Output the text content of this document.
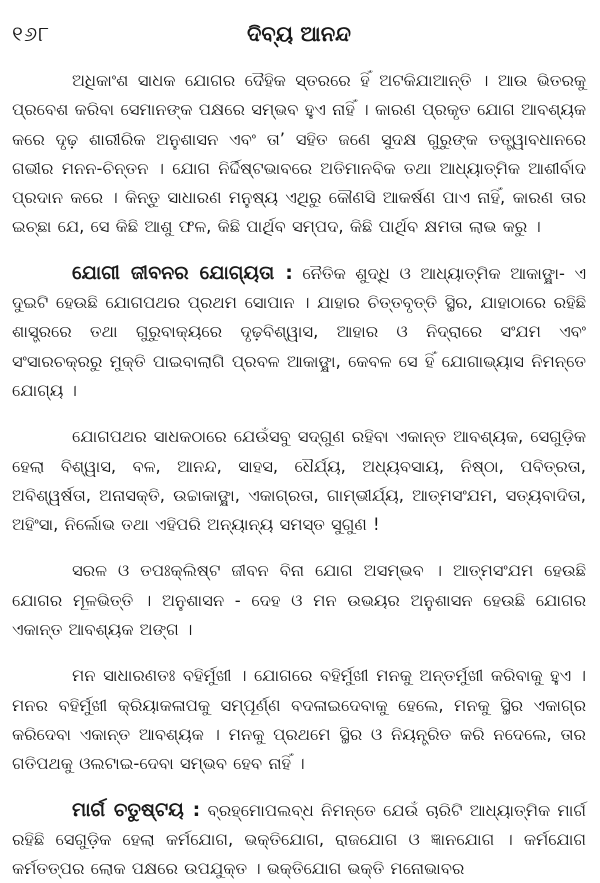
୧୬୮	ଦିବ୍ୟ ଆନନ୍ଦ

ଅଧିକାଂଶ ସାଧକ ଯୋଗର ଦୈହିକ ସ୍ତରରେ ହିଁ ଅଟକିଯାଆନ୍ତି । ଆଉ ଭିତରକୁ ପ୍ରବେଶ କରିବା ସେମାନଙ୍କ ପକ୍ଷରେ ସମ୍ଭବ ହୁଏ ନାହିଁ । କାରଣ ପ୍ରକୃତ ଯୋଗ ଆବଶ୍ୟକ କରେ ଦୃଢ଼ ଶାରୀରିକ ଅନୁଶାସନ ଏବଂ ତା’ ସହିତ ଜଣେ ସୁଦକ୍ଷ ଗୁରୁଙ୍କ ତତ୍ତ୍ୱାବଧାନରେ ଗଭୀର ମନନ-ଚିନ୍ତନ । ଯୋଗ ନିର୍ଦ୍ଦିଷ୍ଟଭାବରେ ଅତିମାନବିକ ତଥା ଆଧ୍ୟାତ୍ମିକ ଆଶୀର୍ବାଦ ପ୍ରଦାନ କରେ । କିନ୍ତୁ ସାଧାରଣ ମନୁଷ୍ୟ ଏଥିରୁ କୌଣସି ଆକର୍ଷଣ ପାଏ ନାହିଁ, କାରଣ ତାର ଇଚ୍ଛା ଯେ, ସେ କିଛି ଆଶୁ ଫଳ, କିଛି ପାର୍ଥିବ ସମ୍ପଦ, କିଛି ପାର୍ଥିବ କ୍ଷମତା ଲାଭ କରୁ ।

ଯୋଗୀ ଜୀବନର ଯୋଗ୍ୟତା : ନୈତିକ ଶୁଦ୍ଧି ଓ ଆଧ୍ୟାତ୍ମିକ ଆକାଙ୍କ୍ଷା- ଏ ଦୁଇଟି ହେଉଛି ଯୋଗପଥର ପ୍ରଥମ ସୋପାନ । ଯାହାର ଚିତ୍ତବୃତ୍ତି ସ୍ଥିର, ଯାହାଠାରେ ରହିଛି ଶାସ୍ତ୍ରରେ ତଥା ଗୁରୁବାକ୍ୟରେ ଦୃଢ଼ବିଶ୍ୱାସ, ଆହାର ଓ ନିଦ୍ରାରେ ସଂଯମ ଏବଂ ସଂସାରଚକ୍ରରୁ ମୁକ୍ତି ପାଇବାଲାଗି ପ୍ରବଳ ଆକାଙ୍କ୍ଷା, କେବଳ ସେ ହିଁ ଯୋଗାଭ୍ୟାସ ନିମନ୍ତେ ଯୋଗ୍ୟ ।

ଯୋଗପଥର ସାଧକଠାରେ ଯେଉଁସବୁ ସଦ୍‌ଗୁଣ ରହିବା ଏକାନ୍ତ ଆବଶ୍ୟକ, ସେଗୁଡ଼ିକ ହେଲା ବିଶ୍ୱାସ, ବଳ, ଆନନ୍ଦ, ସାହସ, ଧୈର୍ଯ୍ୟ, ଅଧ୍ୟବସାୟ, ନିଷ୍ଠା, ପବିତ୍ରତା, ଅବିଶ୍ୱର୍ଷତା, ଅନାସକ୍ତି, ଉଚ୍ଚାକାଙ୍କ୍ଷା, ଏକାଗ୍ରତା, ଗାମ୍ଭୀର୍ଯ୍ୟ, ଆତ୍ମସଂଯମ, ସତ୍ୟବାଦିତା, ଅହିଂସା, ନିର୍ଲୋଭ ତଥା ଏହିପରି ଅନ୍ୟାନ୍ୟ ସମସ୍ତ ସୁଗୁଣ !

ସରଳ ଓ ତପଃକ୍ଲିଷ୍ଟ ଜୀବନ ବିନା ଯୋଗ ଅସମ୍ଭବ । ଆତ୍ମସଂଯମ ହେଉଛି ଯୋଗର ମୂଳଭିତ୍ତି । ଅନୁଶାସନ - ଦେହ ଓ ମନ ଉଭୟର ଅନୁଶାସନ ହେଉଛି ଯୋଗର ଏକାନ୍ତ ଆବଶ୍ୟକ ଅଙ୍ଗ ।

ମନ ସାଧାରଣତଃ ବହିର୍ମୁଖୀ । ଯୋଗରେ ବହିର୍ମୁଖୀ ମନକୁ ଅନ୍ତର୍ମୁଖୀ କରିବାକୁ ହୁଏ । ମନର ବହିର୍ମୁଖୀ କ୍ରିୟାକଳାପକୁ ସମ୍ପୂର୍ଣ୍ଣ ବଦଳାଇଦେବାକୁ ହେଲେ, ମନକୁ ସ୍ଥିର ଏକାଗ୍ର କରିଦେବା ଏକାନ୍ତ ଆବଶ୍ୟକ । ମନକୁ ପ୍ରଥମେ ସ୍ଥିର ଓ ନିୟନ୍ତ୍ରିତ କରି ନଦେଲେ, ତାର ଗତିପଥକୁ ଓଲଟାଇ-ଦେବା ସମ୍ଭବ ହେବ ନାହିଁ ।

ମାର୍ଗ ଚତୁଷ୍ଟୟ : ବ୍ରହ୍ମୋପଲବ୍ଧ ନିମନ୍ତେ ଯେଉଁ ଚାରିଟି ଆଧ୍ୟାତ୍ମିକ ମାର୍ଗ ରହିଛି ସେଗୁଡ଼ିକ ହେଲା କର୍ମଯୋଗ, ଭକ୍ତିଯୋଗ, ରାଜଯୋଗ ଓ ଜ୍ଞାନଯୋଗ । କର୍ମଯୋଗ କର୍ମତତ୍ପର ଲୋକ ପକ୍ଷରେ ଉପଯୁକ୍ତ । ଭକ୍ତିଯୋଗ ଭକ୍ତି ମନୋଭାବର
